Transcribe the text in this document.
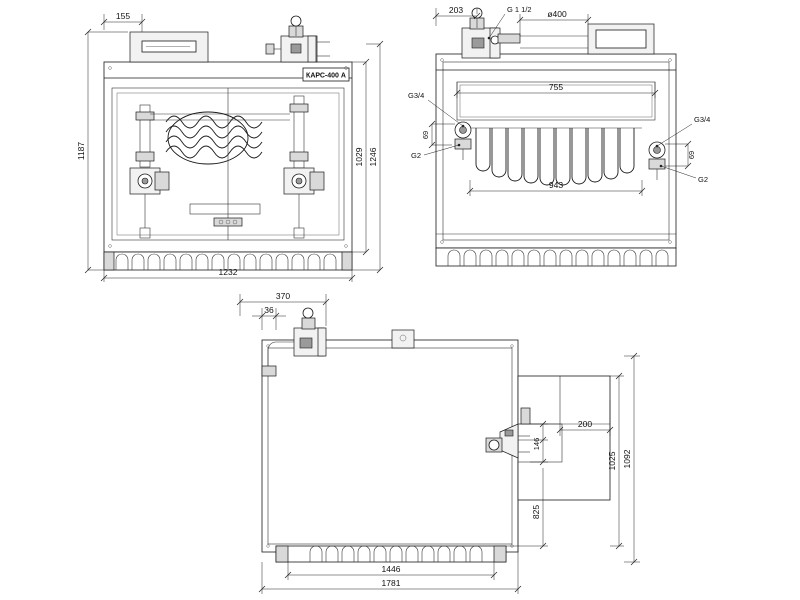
КАРС-400 А
155
1187	1029 1246
1232
203	G 1 1/2 ø400
755
G3/4
G2
69
G3/4
G2
69
943
370
36
200
146
825
1025 1092
1446
1781
